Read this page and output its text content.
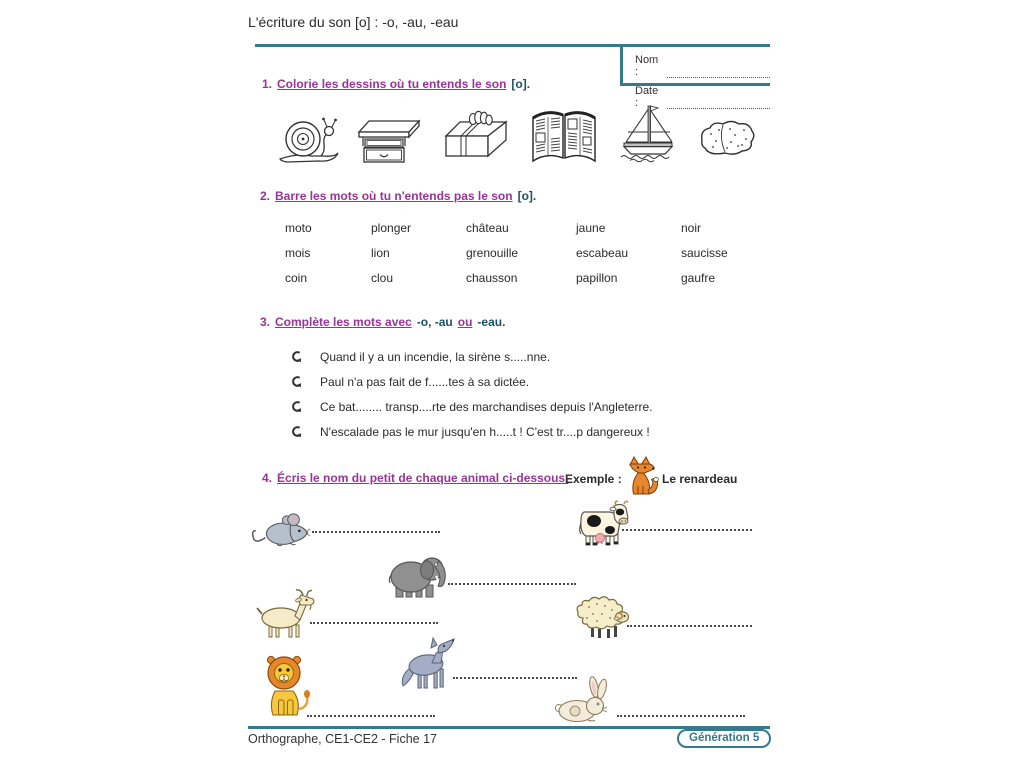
L'écriture du son [o] : -o, -au, -eau
Nom :
Date :
1. Colorie les dessins où tu entends le son [o].
2. Barre les mots où tu n'entends pas le son [o].
moto	plonger	château	jaune	noir
mois	lion	grenouille	escabeau	saucisse
coin	clou	chausson	papillon	gaufre
3. Complète les mots avec -o, -au ou -eau.
Quand il y a un incendie, la sirène s.....nne.
Paul n'a pas fait de f......tes à sa dictée.
Ce bat........ transp....rte des marchandises depuis l'Angleterre.
N'escalade pas le mur jusqu'en h.....t ! C'est tr....p dangereux !
4. Écris le nom du petit de chaque animal ci-dessous.
Exemple :	Le renardeau
Orthographe, CE1-CE2 - Fiche 17	Génération 5
